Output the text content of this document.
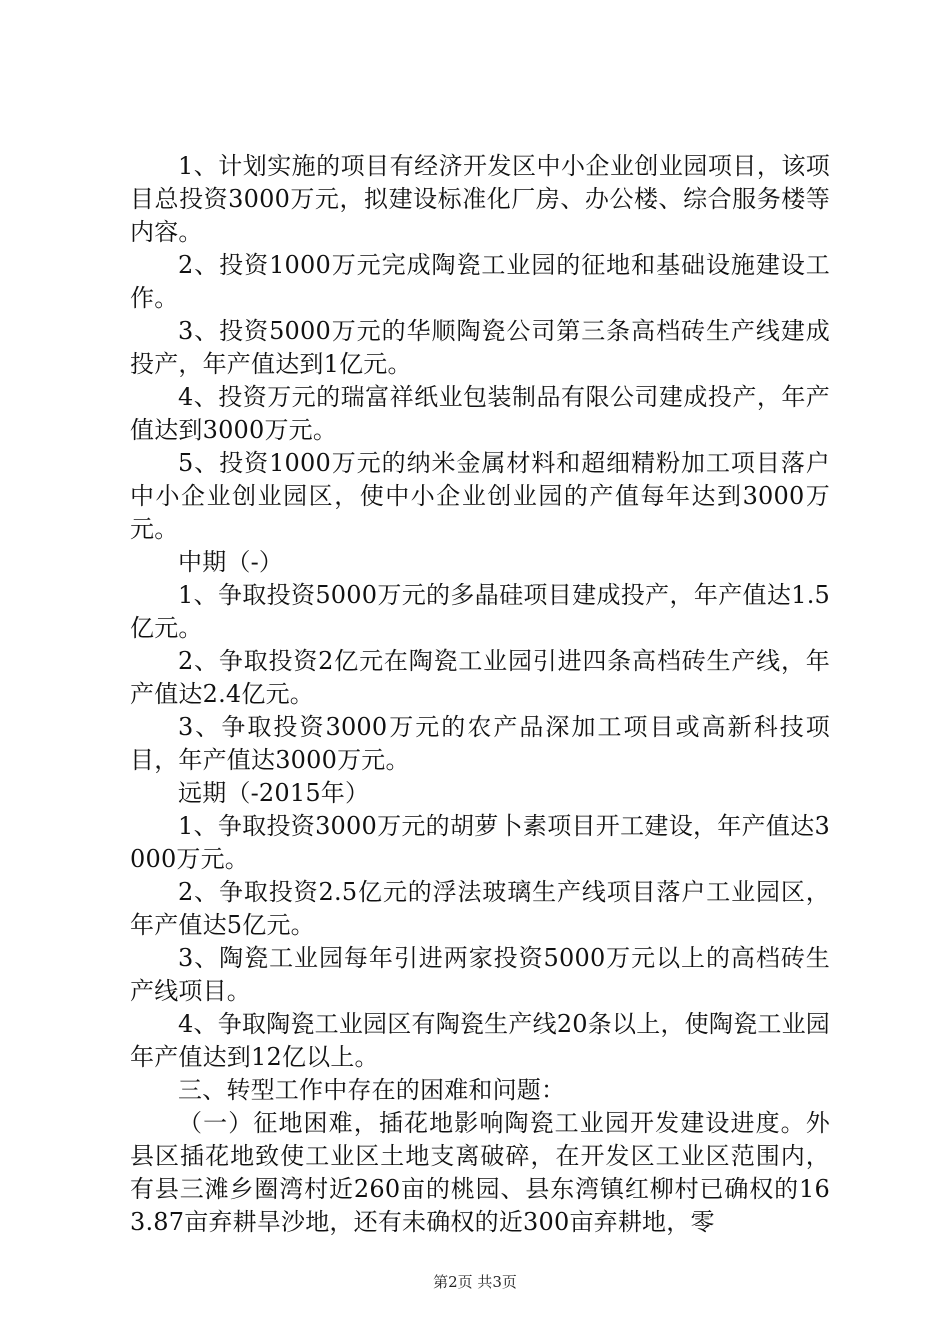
1、计划实施的项目有经济开发区中小企业创业园项目，该项目总投资3000万元，拟建设标准化厂房、办公楼、综合服务楼等内容。

2、投资1000万元完成陶瓷工业园的征地和基础设施建设工作。

3、投资5000万元的华顺陶瓷公司第三条高档砖生产线建成投产，年产值达到1亿元。

4、投资万元的瑞富祥纸业包装制品有限公司建成投产，年产值达到3000万元。

5、投资1000万元的纳米金属材料和超细精粉加工项目落户中小企业创业园区，使中小企业创业园的产值每年达到3000万元。

中期（-）

1、争取投资5000万元的多晶硅项目建成投产，年产值达1.5亿元。

2、争取投资2亿元在陶瓷工业园引进四条高档砖生产线，年产值达2.4亿元。

3、争取投资3000万元的农产品深加工项目或高新科技项目，年产值达3000万元。

远期（-2015年）

1、争取投资3000万元的胡萝卜素项目开工建设，年产值达3000万元。

2、争取投资2.5亿元的浮法玻璃生产线项目落户工业园区，年产值达5亿元。

3、陶瓷工业园每年引进两家投资5000万元以上的高档砖生产线项目。

4、争取陶瓷工业园区有陶瓷生产线20条以上，使陶瓷工业园年产值达到12亿以上。

三、转型工作中存在的困难和问题：

（一）征地困难，插花地影响陶瓷工业园开发建设进度。外县区插花地致使工业区土地支离破碎，在开发区工业区范围内，有县三滩乡圈湾村近260亩的桃园、县东湾镇红柳村已确权的163.87亩弃耕旱沙地，还有未确权的近300亩弃耕地，零

第2页 共3页
